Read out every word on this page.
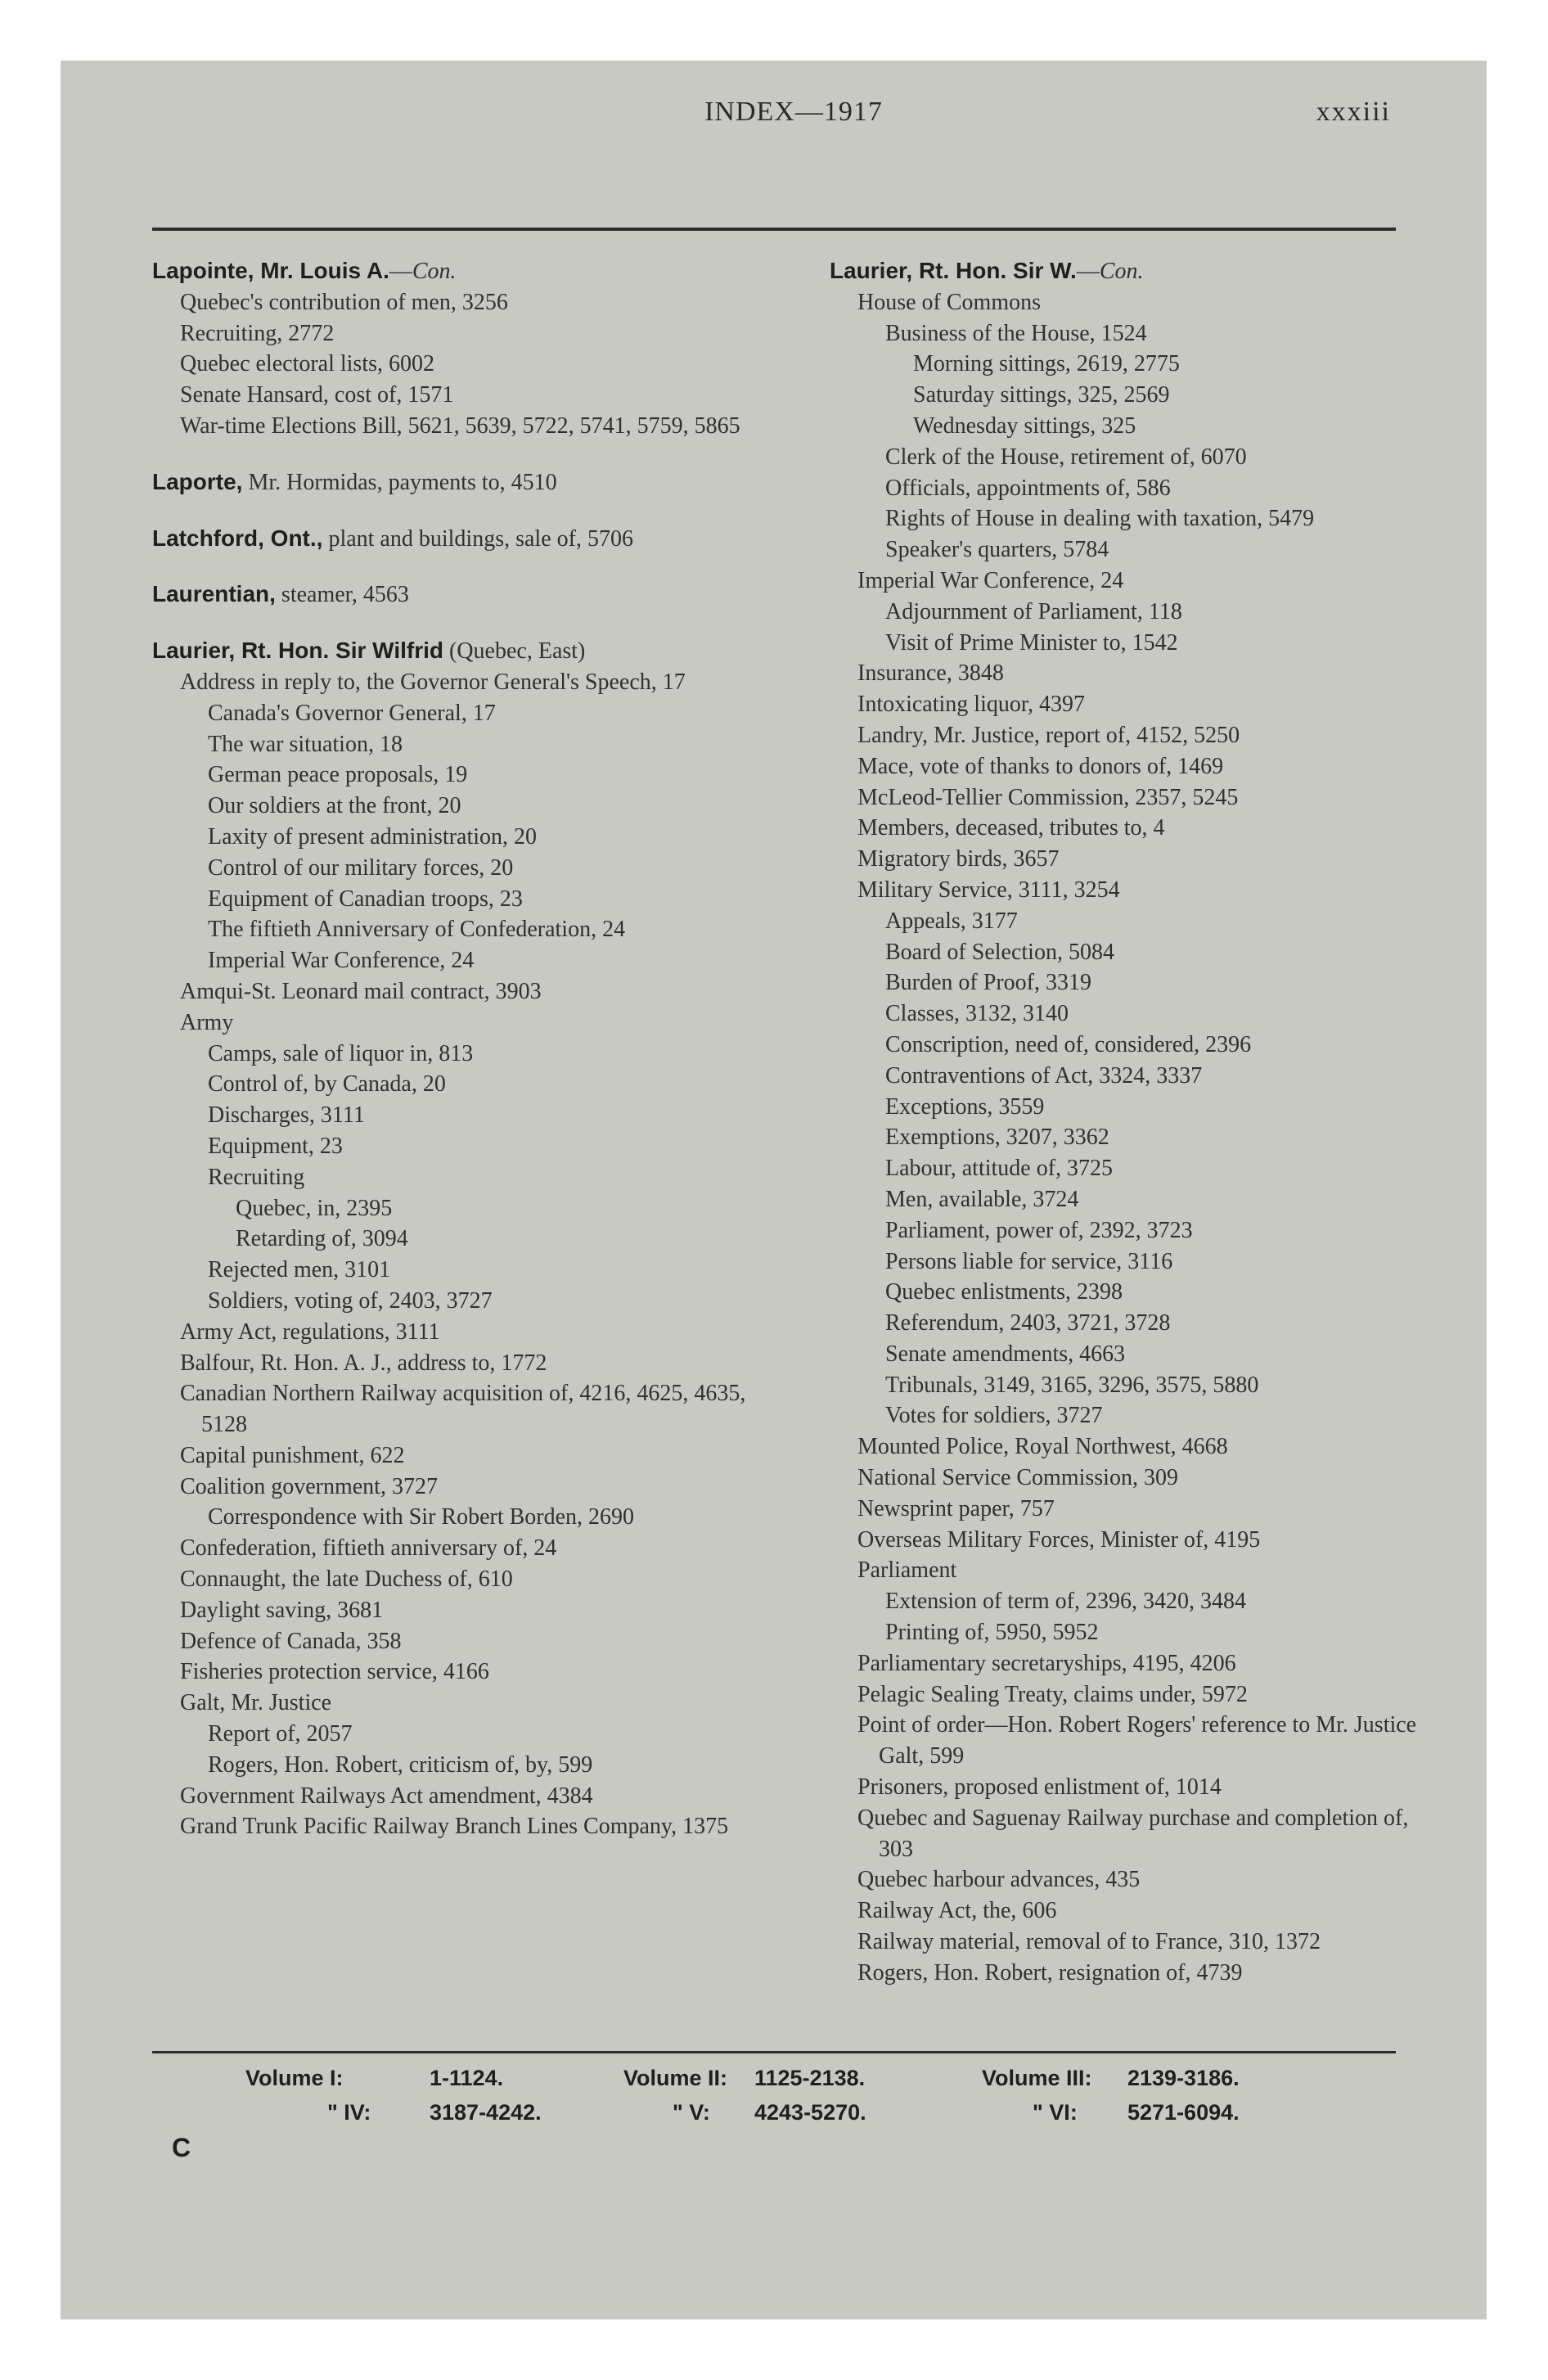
INDEX—1917	xxxiii

Lapointe, Mr. Louis A.—Con.

Quebec's contribution of men, 3256

Recruiting, 2772

Quebec electoral lists, 6002

Senate Hansard, cost of, 1571

War-time Elections Bill, 5621, 5639, 5722, 5741, 5759, 5865

Laporte, Mr. Hormidas, payments to, 4510

Latchford, Ont., plant and buildings, sale of, 5706

Laurentian, steamer, 4563

Laurier, Rt. Hon. Sir Wilfrid (Quebec, East)

Address in reply to, the Governor General's Speech, 17

Canada's Governor General, 17

The war situation, 18

German peace proposals, 19

Our soldiers at the front, 20

Laxity of present administration, 20

Control of our military forces, 20

Equipment of Canadian troops, 23

The fiftieth Anniversary of Confederation, 24

Imperial War Conference, 24

Amqui-St. Leonard mail contract, 3903

Army

Camps, sale of liquor in, 813

Control of, by Canada, 20

Discharges, 3111

Equipment, 23

Recruiting

Quebec, in, 2395

Retarding of, 3094

Rejected men, 3101

Soldiers, voting of, 2403, 3727

Army Act, regulations, 3111

Balfour, Rt. Hon. A. J., address to, 1772

Canadian Northern Railway acquisition of, 4216, 4625, 4635, 5128

Capital punishment, 622

Coalition government, 3727

Correspondence with Sir Robert Borden, 2690

Confederation, fiftieth anniversary of, 24

Connaught, the late Duchess of, 610

Daylight saving, 3681

Defence of Canada, 358

Fisheries protection service, 4166

Galt, Mr. Justice

Report of, 2057

Rogers, Hon. Robert, criticism of, by, 599

Government Railways Act amendment, 4384

Grand Trunk Pacific Railway Branch Lines Company, 1375

Laurier, Rt. Hon. Sir W.—Con.

House of Commons

Business of the House, 1524

Morning sittings, 2619, 2775

Saturday sittings, 325, 2569

Wednesday sittings, 325

Clerk of the House, retirement of, 6070

Officials, appointments of, 586

Rights of House in dealing with taxation, 5479

Speaker's quarters, 5784

Imperial War Conference, 24

Adjournment of Parliament, 118

Visit of Prime Minister to, 1542

Insurance, 3848

Intoxicating liquor, 4397

Landry, Mr. Justice, report of, 4152, 5250

Mace, vote of thanks to donors of, 1469

McLeod-Tellier Commission, 2357, 5245

Members, deceased, tributes to, 4

Migratory birds, 3657

Military Service, 3111, 3254

Appeals, 3177

Board of Selection, 5084

Burden of Proof, 3319

Classes, 3132, 3140

Conscription, need of, considered, 2396

Contraventions of Act, 3324, 3337

Exceptions, 3559

Exemptions, 3207, 3362

Labour, attitude of, 3725

Men, available, 3724

Parliament, power of, 2392, 3723

Persons liable for service, 3116

Quebec enlistments, 2398

Referendum, 2403, 3721, 3728

Senate amendments, 4663

Tribunals, 3149, 3165, 3296, 3575, 5880

Votes for soldiers, 3727

Mounted Police, Royal Northwest, 4668

National Service Commission, 309

Newsprint paper, 757

Overseas Military Forces, Minister of, 4195

Parliament

Extension of term of, 2396, 3420, 3484

Printing of, 5950, 5952

Parliamentary secretaryships, 4195, 4206

Pelagic Sealing Treaty, claims under, 5972

Point of order—Hon. Robert Rogers' reference to Mr. Justice Galt, 599

Prisoners, proposed enlistment of, 1014

Quebec and Saguenay Railway purchase and completion of, 303

Quebec harbour advances, 435

Railway Act, the, 606

Railway material, removal of to France, 310, 1372

Rogers, Hon. Robert, resignation of, 4739

Volume I:	1-1124.	Volume II: 1125-2138.	Volume III: 2139-3186.
" IV:	3187-4242.	" V: 4243-5270.	" VI: 5271-6094.
C
